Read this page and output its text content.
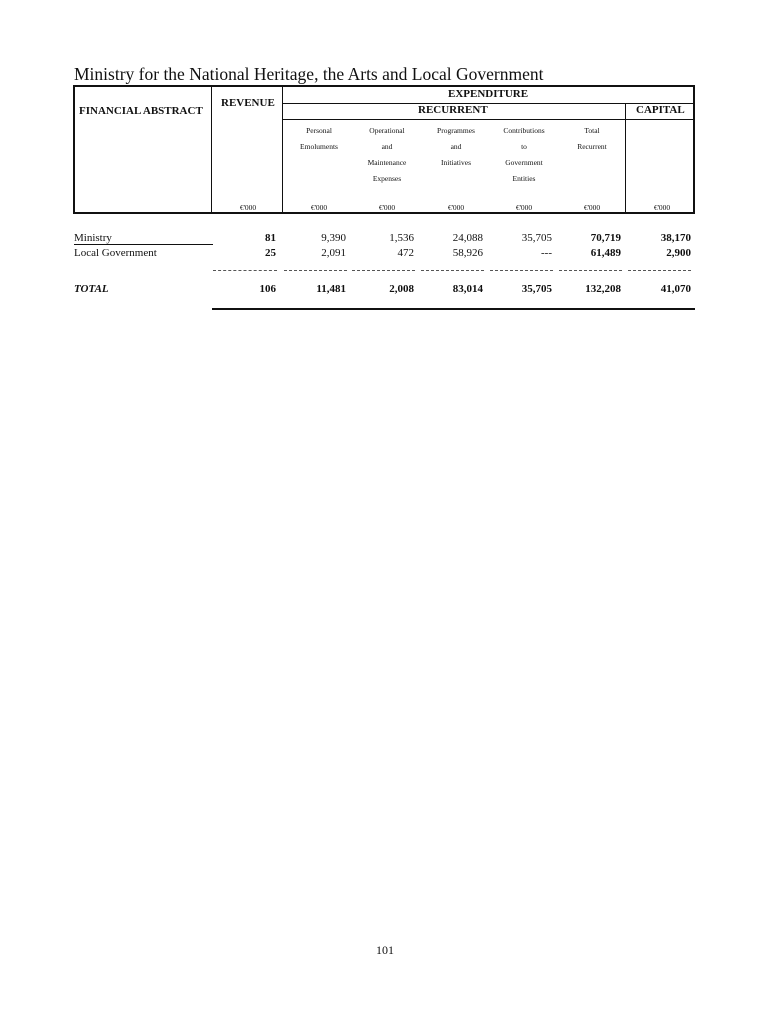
Ministry for the National Heritage, the Arts and Local Government
FINANCIAL ABSTRACT
REVENUE
EXPENDITURE
RECURRENT	CAPITAL
Personal
Emoluments
Operational
and
Maintenance
Expenses
Programmes
and
Initiatives
Contributions
to
Government
Entities
Total
Recurrent
€'000	€'000	€'000	€'000	€'000	€'000	€'000
Ministry	81	9,390	1,536	24,088	35,705	70,719	38,170
Local Government	25	2,091	472	58,926	---	61,489	2,900
TOTAL	106	11,481	2,008	83,014	35,705	132,208	41,070
101
